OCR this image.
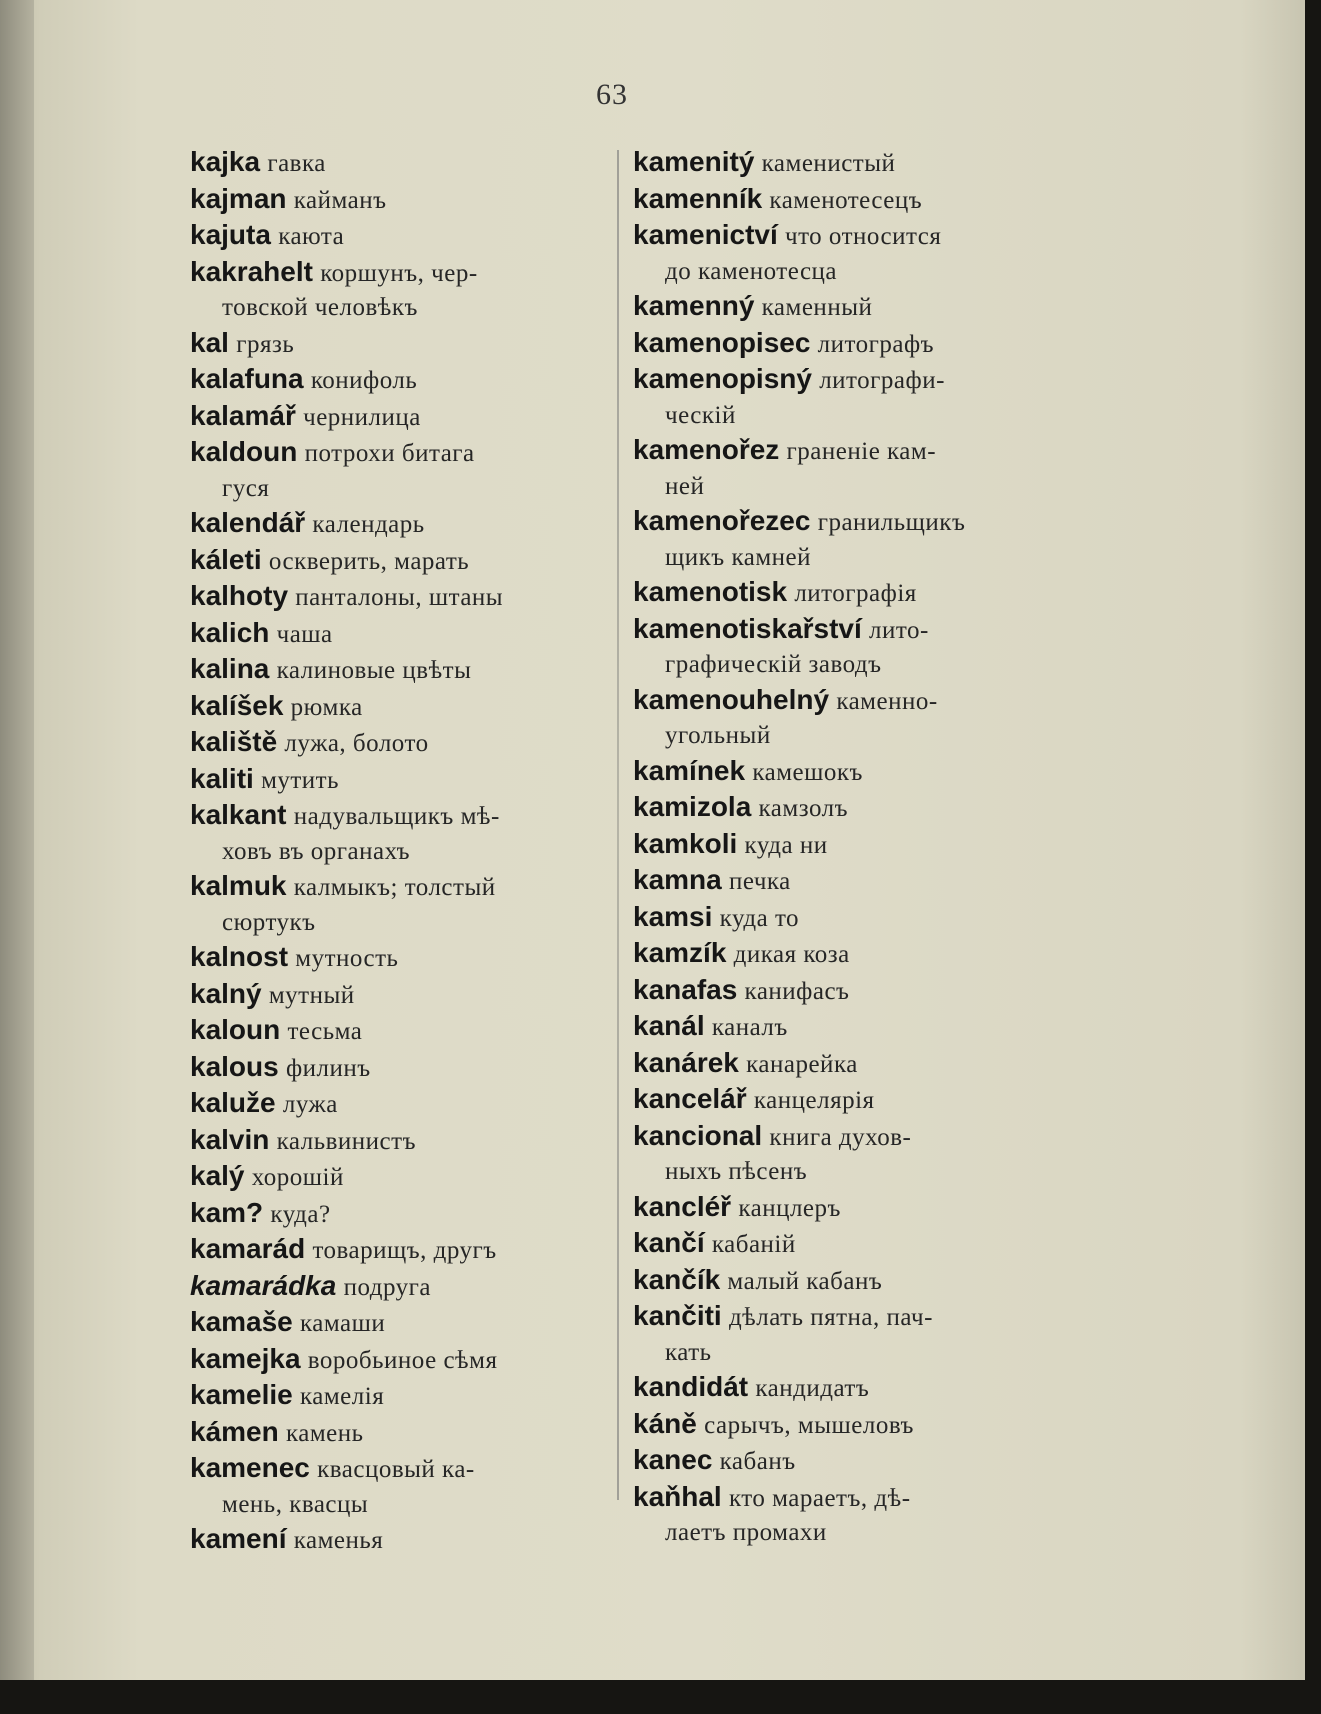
63
kajka гавка
kajman кайманъ
kajuta каюта
kakrahelt коршунъ, чер-
товской человѣкъ
kal грязь
kalafuna конифоль
kalamář чернилица
kaldoun потрохи битага
гуся
kalendář календарь
káleti оскверить, марать
kalhoty панталоны, штаны
kalich чаша
kalina калиновые цвѣты
kalíšek рюмка
kaliště лужа, болото
kaliti мутить
kalkant надувальщикъ мѣ-
ховъ въ органахъ
kalmuk калмыкъ; толстый
сюртукъ
kalnost мутность
kalný мутный
kaloun тесьма
kalous филинъ
kaluže лужа
kalvin кальвинистъ
kalý хорошій
kam? куда?
kamarád товарищъ, другъ
kamarádka подруга
kamaše камаши
kamejka воробьиное сѣмя
kamelie камелія
kámen камень
kamenec квасцовый ка-
мень, квасцы
kamení каменья
kamenitý каменистый
kamenník каменотесецъ
kamenictví что относится
до каменотесца
kamenný каменный
kamenopisec литографъ
kamenopisný литографи-
ческій
kamenořez граненіе кам-
ней
kamenořezec гранильщикъ
щикъ камней
kamenotisk литографія
kamenotiskařství лито-
графическій заводъ
kamenouhelný каменно-
угольный
kamínek камешокъ
kamizola камзолъ
kamkoli куда ни
kamna печка
kamsi куда то
kamzík дикая коза
kanafas канифасъ
kanál каналъ
kanárek канарейка
kancelář канцелярія
kancional книга духов-
ныхъ пѣсенъ
kancléř канцлеръ
kančí кабаній
kančík малый кабанъ
kančiti дѣлать пятна, пач-
кать
kandidát кандидатъ
káně сарычъ, мышеловъ
kanec кабанъ
kaňhal кто мараетъ, дѣ-
лаетъ промахи
